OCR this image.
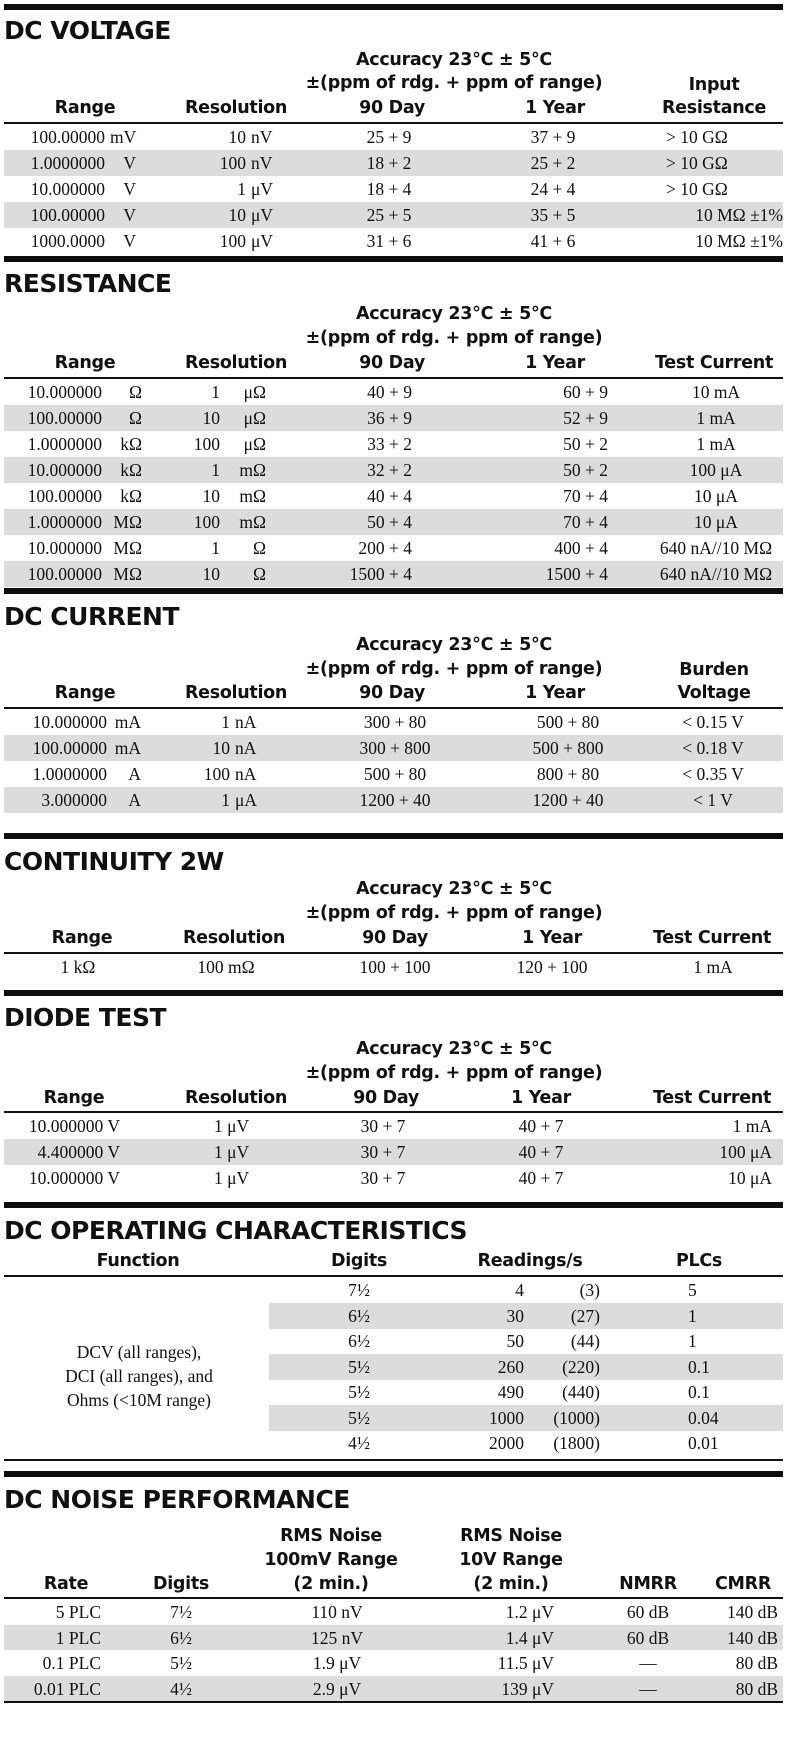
DC VOLTAGE
Accuracy 23°C ± 5°C
±(ppm of rdg. + ppm of range)
Range	Resolution	90 Day	1 Year
Input
Resistance
100.00000 mV	10 nV	25 + 9	37 + 9	> 10 GΩ
1.0000000	V	100 nV	18 + 2	25 + 2	> 10 GΩ
10.000000	V	1 μV	18 + 4	24 + 4	> 10 GΩ
100.00000	V	10 μV	25 + 5	35 + 5	10 MΩ ±1%
1000.0000	V	100 μV	31 + 6	41 + 6	10 MΩ ±1%
RESISTANCE
Accuracy 23°C ± 5°C
±(ppm of rdg. + ppm of range)
Range	Resolution	90 Day	1 Year	Test Current
10.000000	Ω	1	μΩ	40 + 9	60 + 9	10 mA
100.00000	Ω	10	μΩ	36 + 9	52 + 9	1 mA
1.0000000	kΩ	100	μΩ	33 + 2	50 + 2	1 mA
10.000000	kΩ	1	mΩ	32 + 2	50 + 2	100 μA
100.00000	kΩ	10	mΩ	40 + 4	70 + 4	10 μA
1.0000000 MΩ	100	mΩ	50 + 4	70 + 4	10 μA
10.000000 MΩ	1	Ω	200 + 4	400 + 4	640 nA//10 MΩ
100.00000 MΩ	10	Ω	1500 + 4	1500 + 4	640 nA//10 MΩ
DC CURRENT
Accuracy 23°C ± 5°C
±(ppm of rdg. + ppm of range)
Range	Resolution	90 Day	1 Year
Burden
Voltage
10.000000 mA	1 nA	300 + 80	500 + 80	< 0.15 V
100.00000 mA	10 nA	300 + 800	500 + 800	< 0.18 V
1.0000000	A	100 nA	500 + 80	800 + 80	< 0.35 V
3.000000	A	1 μA	1200 + 40	1200 + 40	< 1 V
CONTINUITY 2W
Accuracy 23°C ± 5°C
±(ppm of rdg. + ppm of range)
Range	Resolution	90 Day	1 Year	Test Current
1 kΩ	100 mΩ	100 + 100	120 + 100	1 mA
DIODE TEST
Accuracy 23°C ± 5°C
±(ppm of rdg. + ppm of range)
Range	Resolution	90 Day	1 Year	Test Current
10.000000 V	1 μV	30 + 7	40 + 7	1 mA
4.400000 V	1 μV	30 + 7	40 + 7	100 μA
10.000000 V	1 μV	30 + 7	40 + 7	10 μA
DC OPERATING CHARACTERISTICS
Function	Digits	Readings/s	PLCs
DCV (all ranges),
DCI (all ranges), and
Ohms (<10M range)
7½	4	(3)	5
6½	30	(27)	1
6½	50	(44)	1
5½	260	(220)	0.1
5½	490	(440)	0.1
5½	1000	(1000)	0.04
4½	2000	(1800)	0.01
DC NOISE PERFORMANCE
Rate	Digits
RMS Noise
100mV Range
(2 min.)
RMS Noise
10V Range
(2 min.)	NMRR CMRR
5 PLC	7½	110 nV	1.2 μV	60 dB	140 dB
1 PLC	6½	125 nV	1.4 μV	60 dB	140 dB
0.1 PLC	5½	1.9 μV	11.5 μV	—	80 dB
0.01 PLC	4½	2.9 μV	139 μV	—	80 dB
